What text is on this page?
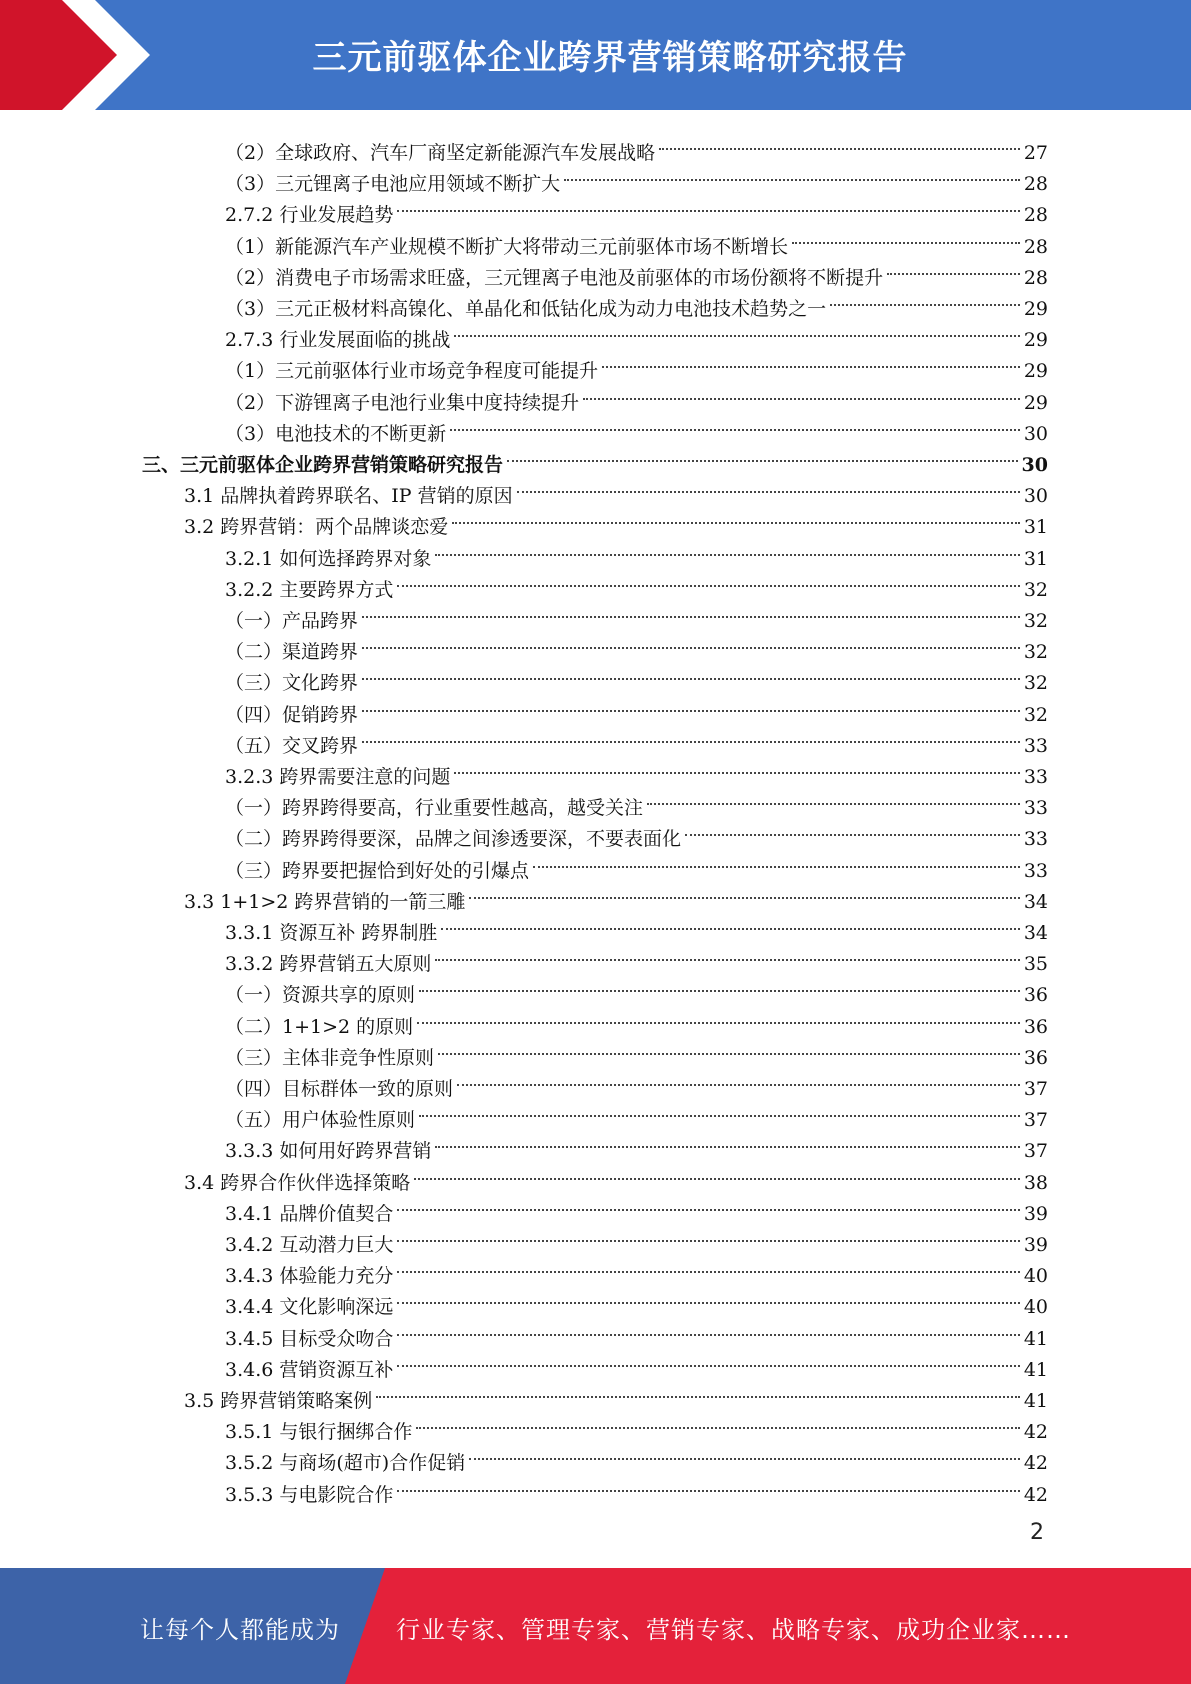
三元前驱体企业跨界营销策略研究报告
（2）全球政府、汽车厂商坚定新能源汽车发展战略	27
（3）三元锂离子电池应用领域不断扩大	28
2.7.2 行业发展趋势	28
（1）新能源汽车产业规模不断扩大将带动三元前驱体市场不断增长	28
（2）消费电子市场需求旺盛，三元锂离子电池及前驱体的市场份额将不断提升	28
（3）三元正极材料高镍化、单晶化和低钴化成为动力电池技术趋势之一	29
2.7.3 行业发展面临的挑战	29
（1）三元前驱体行业市场竞争程度可能提升	29
（2）下游锂离子电池行业集中度持续提升	29
（3）电池技术的不断更新	30
三、三元前驱体企业跨界营销策略研究报告	30
3.1 品牌执着跨界联名、IP 营销的原因	30
3.2 跨界营销：两个品牌谈恋爱	31
3.2.1 如何选择跨界对象	31
3.2.2 主要跨界方式	32
（一）产品跨界	32
（二）渠道跨界	32
（三）文化跨界	32
（四）促销跨界	32
（五）交叉跨界	33
3.2.3 跨界需要注意的问题	33
（一）跨界跨得要高，行业重要性越高，越受关注	33
（二）跨界跨得要深，品牌之间渗透要深，不要表面化	33
（三）跨界要把握恰到好处的引爆点	33
3.3 1+1>2 跨界营销的一箭三雕	34
3.3.1 资源互补 跨界制胜	34
3.3.2 跨界营销五大原则	35
（一）资源共享的原则	36
（二）1+1>2 的原则	36
（三）主体非竞争性原则	36
（四）目标群体一致的原则	37
（五）用户体验性原则	37
3.3.3 如何用好跨界营销	37
3.4 跨界合作伙伴选择策略	38
3.4.1 品牌价值契合	39
3.4.2 互动潜力巨大	39
3.4.3 体验能力充分	40
3.4.4 文化影响深远	40
3.4.5 目标受众吻合	41
3.4.6 营销资源互补	41
3.5 跨界营销策略案例	41
3.5.1 与银行捆绑合作	42
3.5.2 与商场(超市)合作促销	42
3.5.3 与电影院合作	42
2
让每个人都能成为 行业专家、管理专家、营销专家、战略专家、成功企业家……
